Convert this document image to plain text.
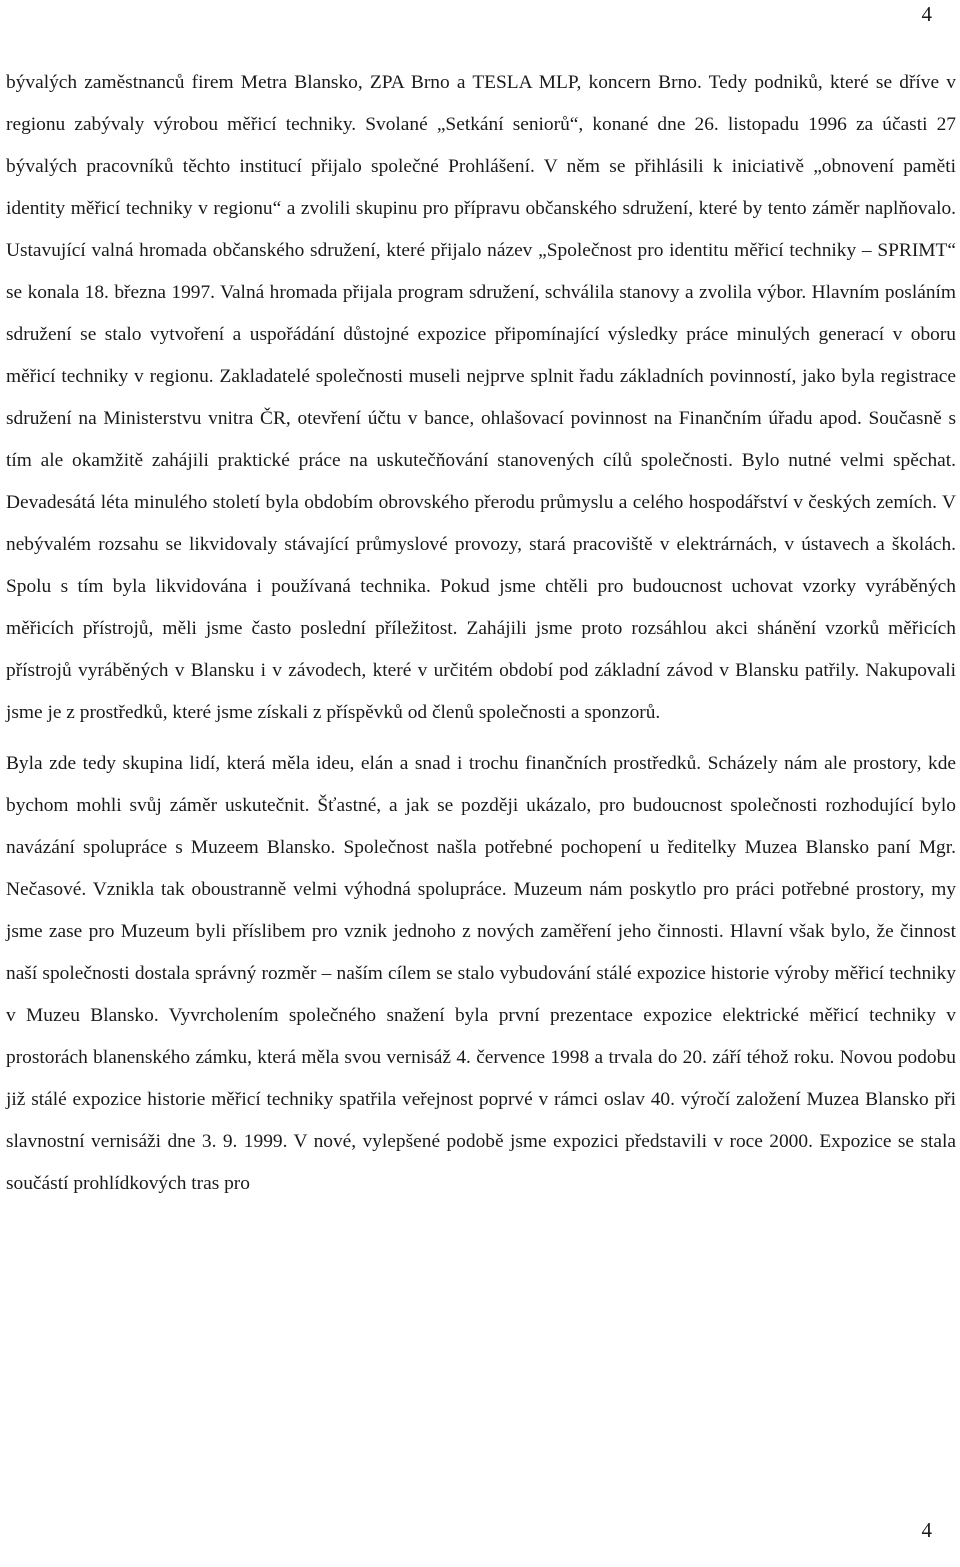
4

bývalých zaměstnanců firem Metra Blansko, ZPA Brno a TESLA MLP, koncern Brno. Tedy podniků, které se dříve v regionu zabývaly výrobou měřicí techniky. Svolané „Setkání seniorů“, konané dne 26. listopadu 1996 za účasti 27 bývalých pracovníků těchto institucí přijalo společné Prohlášení. V něm se přihlásili k iniciativě „obnovení paměti identity měřicí techniky v regionu“ a zvolili skupinu pro přípravu občanského sdružení, které by tento záměr naplňovalo. Ustavující valná hromada občanského sdružení, které přijalo název „Společnost pro identitu měřicí techniky – SPRIMT“ se konala 18. března 1997. Valná hromada přijala program sdružení, schválila stanovy a zvolila výbor. Hlavním posláním sdružení se stalo vytvoření a uspořádání důstojné expozice připomínající výsledky práce minulých generací v oboru měřicí techniky v regionu. Zakladatelé společnosti museli nejprve splnit řadu základních povinností, jako byla registrace sdružení na Ministerstvu vnitra ČR, otevření účtu v bance, ohlašovací povinnost na Finančním úřadu apod. Současně s tím ale okamžitě zahájili praktické práce na uskutečňování stanovených cílů společnosti. Bylo nutné velmi spěchat. Devadesátá léta minulého století byla obdobím obrovského přerodu průmyslu a celého hospodářství v českých zemích. V nebývalém rozsahu se likvidovaly stávající průmyslové provozy, stará pracoviště v elektrárnách, v ústavech a školách. Spolu s tím byla likvidována i používaná technika. Pokud jsme chtěli pro budoucnost uchovat vzorky vyráběných měřicích přístrojů, měli jsme často poslední příležitost. Zahájili jsme proto rozsáhlou akci shánění vzorků měřicích přístrojů vyráběných v Blansku i v závodech, které v určitém období pod základní závod v Blansku patřily. Nakupovali jsme je z prostředků, které jsme získali z příspěvků od členů společnosti a sponzorů.

Byla zde tedy skupina lidí, která měla ideu, elán a snad i trochu finančních prostředků. Scházely nám ale prostory, kde bychom mohli svůj záměr uskutečnit. Šťastné, a jak se později ukázalo, pro budoucnost společnosti rozhodující bylo navázání spolupráce s Muzeem Blansko. Společnost našla potřebné pochopení u ředitelky Muzea Blansko paní Mgr. Nečasové. Vznikla tak oboustranně velmi výhodná spolupráce. Muzeum nám poskytlo pro práci potřebné prostory, my jsme zase pro Muzeum byli příslibem pro vznik jednoho z nových zaměření jeho činnosti. Hlavní však bylo, že činnost naší společnosti dostala správný rozměr – naším cílem se stalo vybudování stálé expozice historie výroby měřicí techniky v Muzeu Blansko. Vyvrcholením společného snažení byla první prezentace expozice elektrické měřicí techniky v prostorách blanenského zámku, která měla svou vernisáž 4. července 1998 a trvala do 20. září téhož roku. Novou podobu již stálé expozice historie měřicí techniky spatřila veřejnost poprvé v rámci oslav 40. výročí založení Muzea Blansko při slavnostní vernisáži dne 3. 9. 1999. V nové, vylepšené podobě jsme expozici představili v roce 2000. Expozice se stala součástí prohlídkových tras pro

4
